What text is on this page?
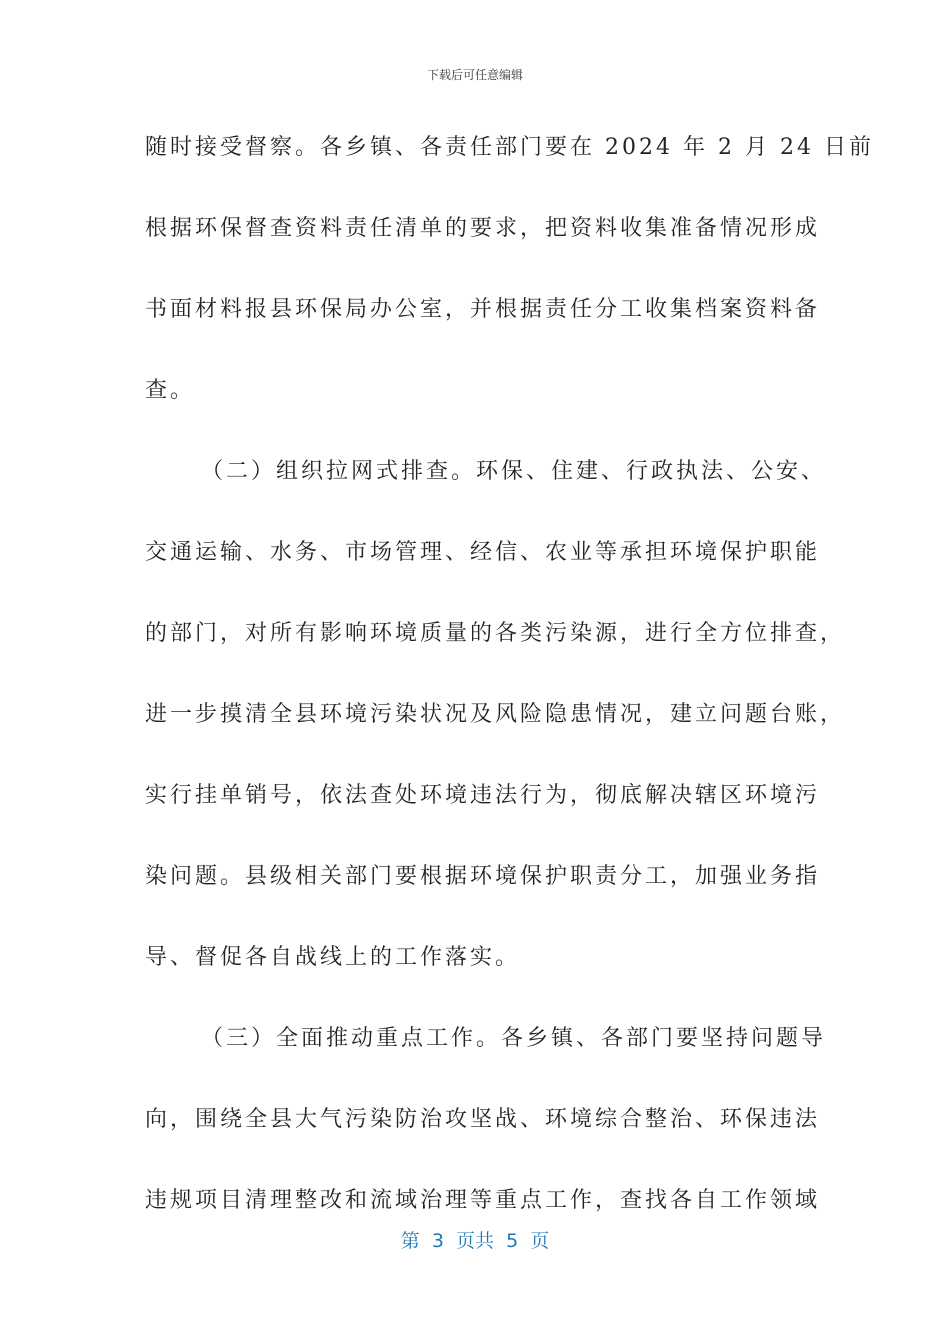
下载后可任意编辑
随时接受督察。各乡镇、各责任部门要在 2024 年 2 月 24 日前
根据环保督查资料责任清单的要求，把资料收集准备情况形成
书面材料报县环保局办公室，并根据责任分工收集档案资料备
查。
（二）组织拉网式排查。环保、住建、行政执法、公安、
交通运输、水务、市场管理、经信、农业等承担环境保护职能
的部门，对所有影响环境质量的各类污染源，进行全方位排查，
进一步摸清全县环境污染状况及风险隐患情况，建立问题台账，
实行挂单销号，依法查处环境违法行为，彻底解决辖区环境污
染问题。县级相关部门要根据环境保护职责分工，加强业务指
导、督促各自战线上的工作落实。
（三）全面推动重点工作。各乡镇、各部门要坚持问题导
向，围绕全县大气污染防治攻坚战、环境综合整治、环保违法
违规项目清理整改和流域治理等重点工作，查找各自工作领域
第  3  页共  5  页
